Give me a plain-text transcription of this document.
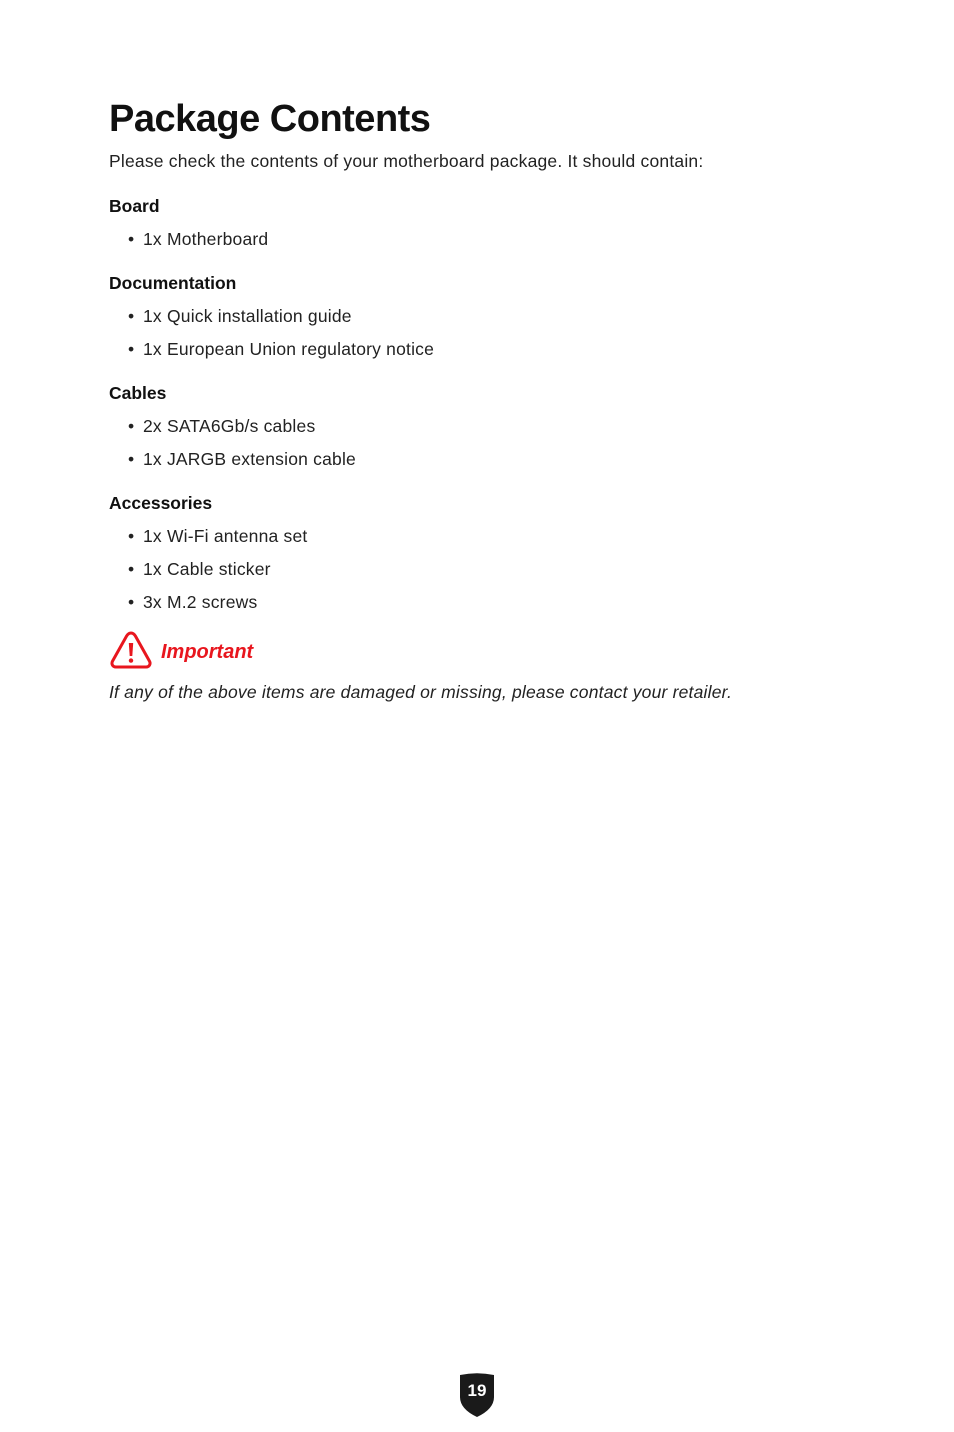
Package Contents
Please check the contents of your motherboard package. It should contain:
Board
• 1x Motherboard
Documentation
• 1x Quick installation guide
• 1x European Union regulatory notice
Cables
• 2x SATA6Gb/s cables
• 1x JARGB extension cable
Accessories
• 1x Wi-Fi antenna set
• 1x Cable sticker
• 3x M.2 screws
Important
If any of the above items are damaged or missing, please contact your retailer.
19
